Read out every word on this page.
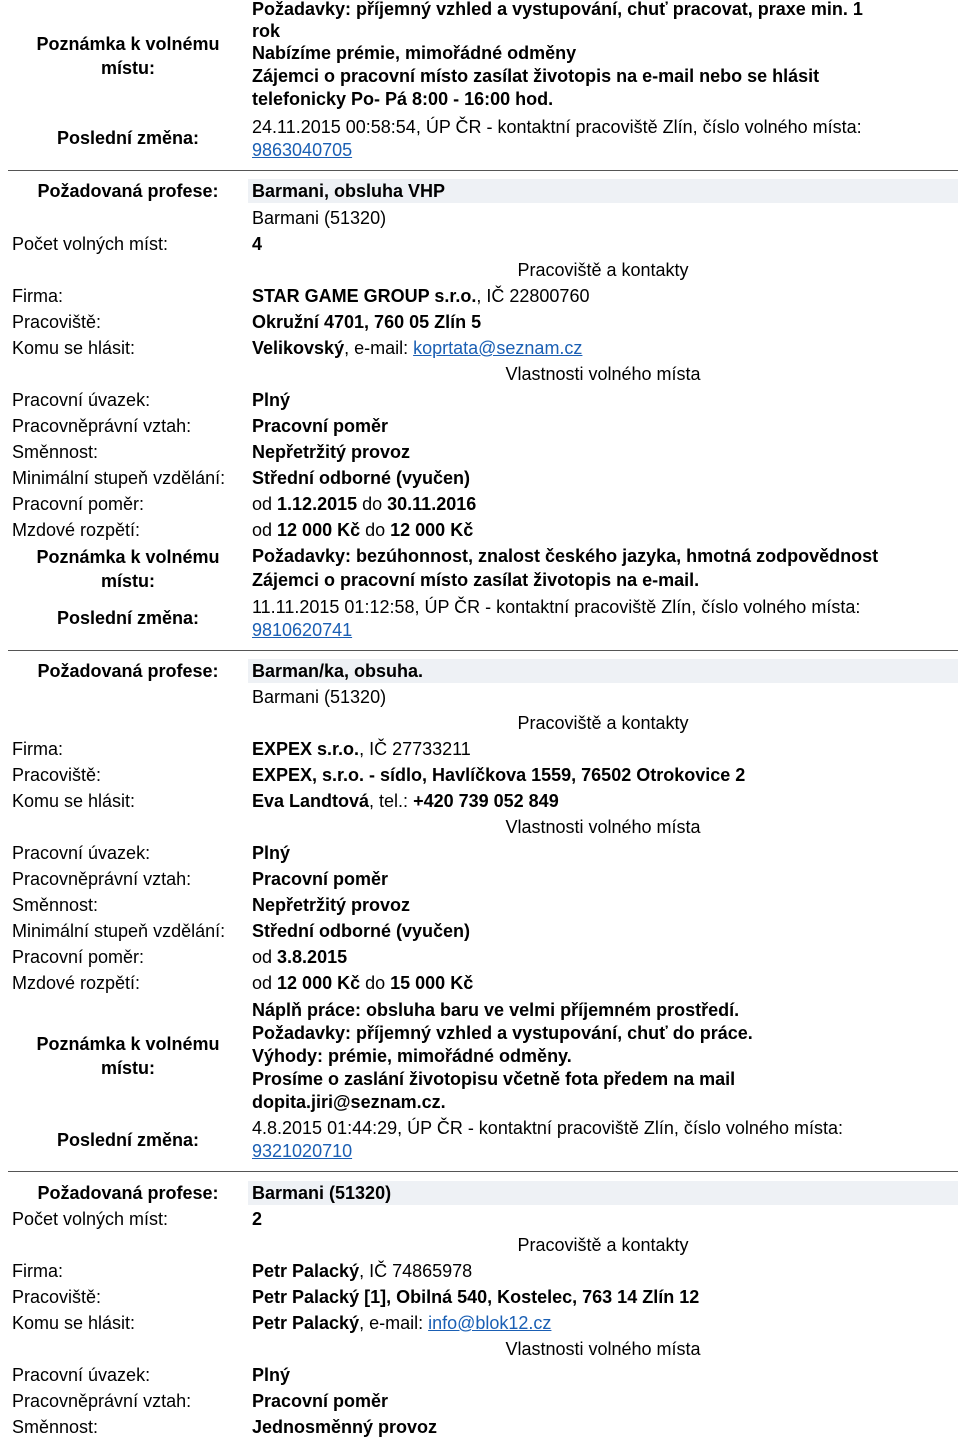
Poznámka k volnému místu:
Požadavky: příjemný vzhled a vystupování, chuť pracovat, praxe min. 1
rok
Nabízíme prémie, mimořádné odměny
Zájemci o pracovní místo zasílat životopis na e-mail nebo se hlásit
telefonicky Po- Pá 8:00 - 16:00 hod.
Poslední změna:
24.11.2015 00:58:54, ÚP ČR - kontaktní pracoviště Zlín, číslo volného místa:
9863040705
Požadovaná profese:	Barmani, obsluha VHP
Barmani (51320)
Počet volných míst:	4
Pracoviště a kontakty
Firma:	STAR GAME GROUP s.r.o., IČ 22800760
Pracoviště:	Okružní 4701, 760 05 Zlín 5
Komu se hlásit:	Velikovský, e-mail: koprtata@seznam.cz
Vlastnosti volného místa
Pracovní úvazek:	Plný
Pracovněprávní vztah:	Pracovní poměr
Směnnost:	Nepřetržitý provoz
Minimální stupeň vzdělání: Střední odborné (vyučen)
Pracovní poměr:	od 1.12.2015 do 30.11.2016
Mzdové rozpětí:	od 12 000 Kč do 12 000 Kč
Poznámka k volnému místu:
Požadavky: bezúhonnost, znalost českého jazyka, hmotná zodpovědnost
Zájemci o pracovní místo zasílat životopis na e-mail.
Poslední změna:
11.11.2015 01:12:58, ÚP ČR - kontaktní pracoviště Zlín, číslo volného místa:
9810620741
Požadovaná profese:	Barman/ka, obsuha.
Barmani (51320)
Pracoviště a kontakty
Firma:	EXPEX s.r.o., IČ 27733211
Pracoviště:	EXPEX, s.r.o. - sídlo, Havlíčkova 1559, 76502 Otrokovice 2
Komu se hlásit:	Eva Landtová, tel.: +420 739 052 849
Vlastnosti volného místa
Pracovní úvazek:	Plný
Pracovněprávní vztah:	Pracovní poměr
Směnnost:	Nepřetržitý provoz
Minimální stupeň vzdělání: Střední odborné (vyučen)
Pracovní poměr:	od 3.8.2015
Mzdové rozpětí:	od 12 000 Kč do 15 000 Kč
Poznámka k volnému místu:
Náplň práce: obsluha baru ve velmi příjemném prostředí.
Požadavky: příjemný vzhled a vystupování, chuť do práce.
Výhody: prémie, mimořádné odměny.
Prosíme o zaslání životopisu včetně fota předem na mail
dopita.jiri@seznam.cz.
Poslední změna:
4.8.2015 01:44:29, ÚP ČR - kontaktní pracoviště Zlín, číslo volného místa:
9321020710
Požadovaná profese:	Barmani (51320)
Počet volných míst:	2
Pracoviště a kontakty
Firma:	Petr Palacký, IČ 74865978
Pracoviště:	Petr Palacký [1], Obilná 540, Kostelec, 763 14 Zlín 12
Komu se hlásit:	Petr Palacký, e-mail: info@blok12.cz
Vlastnosti volného místa
Pracovní úvazek:	Plný
Pracovněprávní vztah:	Pracovní poměr
Směnnost:	Jednosměnný provoz
